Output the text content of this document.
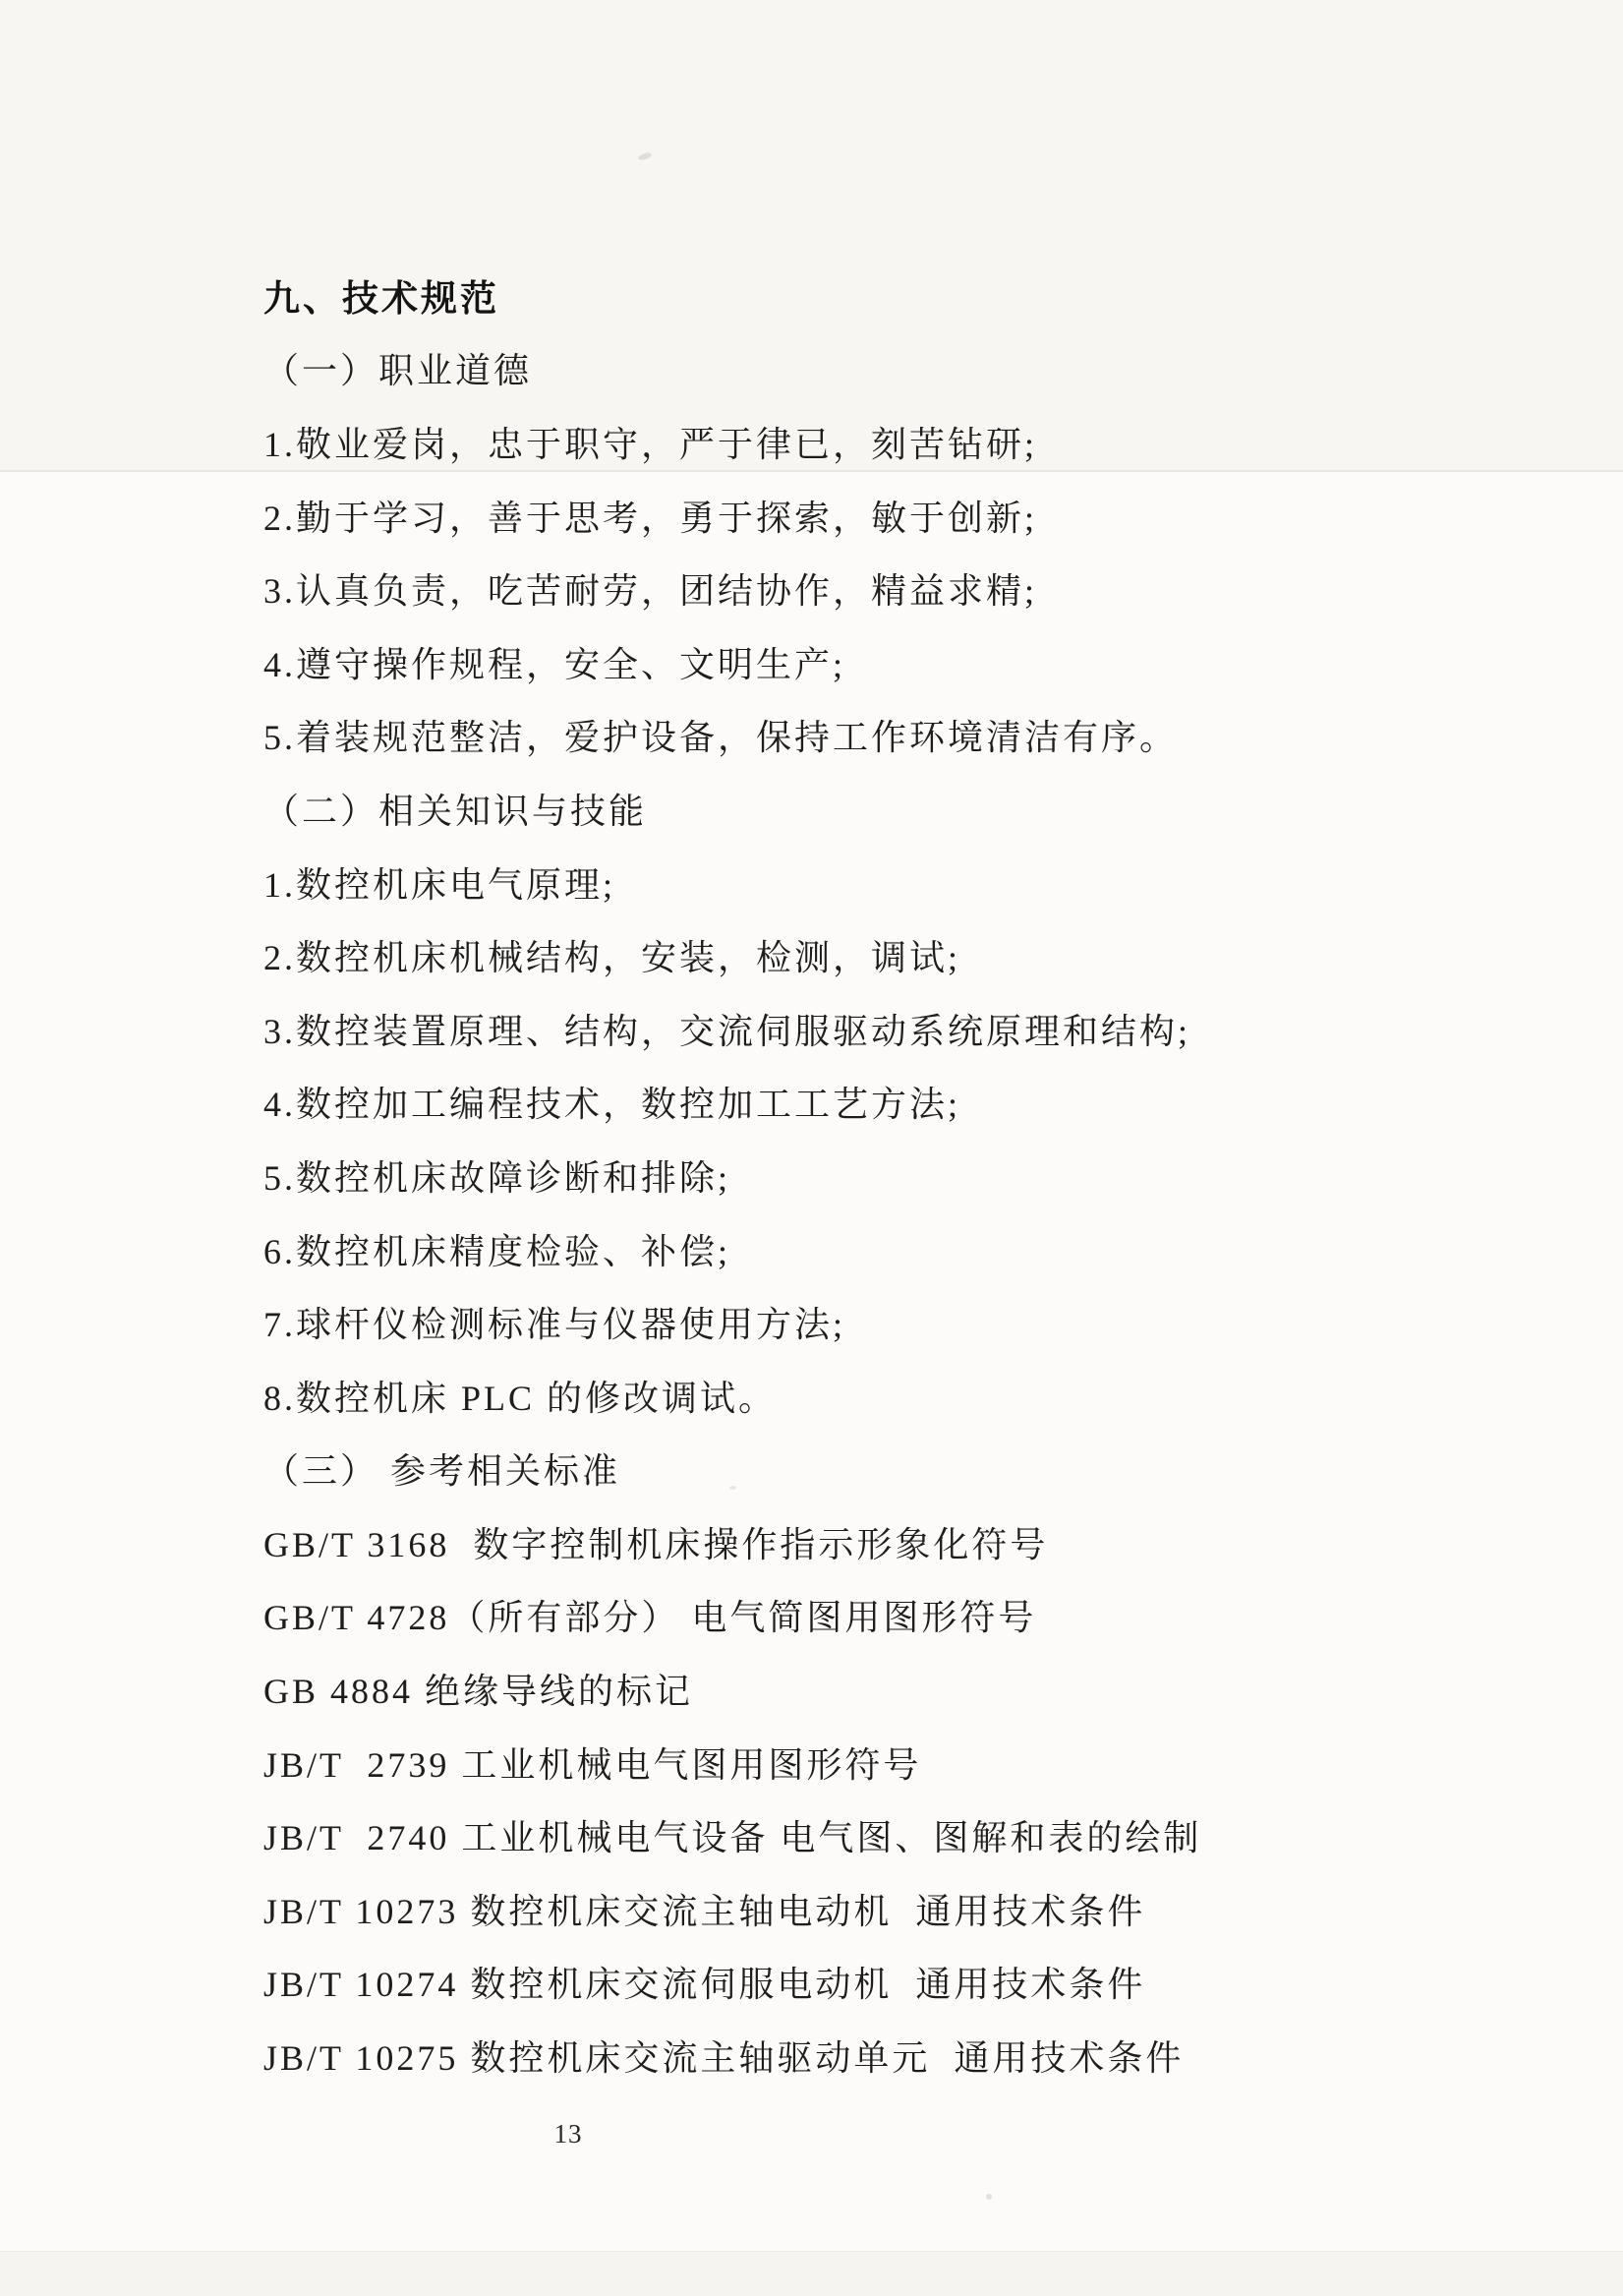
九、技术规范
（一）职业道德
1.敬业爱岗，忠于职守，严于律已，刻苦钻研;
2.勤于学习，善于思考，勇于探索，敏于创新;
3.认真负责，吃苦耐劳，团结协作，精益求精;
4.遵守操作规程，安全、文明生产;
5.着装规范整洁，爱护设备，保持工作环境清洁有序。
（二）相关知识与技能
1.数控机床电气原理;
2.数控机床机械结构，安装，检测，调试;
3.数控装置原理、结构，交流伺服驱动系统原理和结构;
4.数控加工编程技术，数控加工工艺方法;
5.数控机床故障诊断和排除;
6.数控机床精度检验、补偿;
7.球杆仪检测标准与仪器使用方法;
8.数控机床 PLC 的修改调试。
（三） 参考相关标准
GB/T 3168  数字控制机床操作指示形象化符号
GB/T 4728（所有部分） 电气简图用图形符号
GB 4884 绝缘导线的标记
JB/T  2739 工业机械电气图用图形符号
JB/T  2740 工业机械电气设备 电气图、图解和表的绘制
JB/T 10273 数控机床交流主轴电动机  通用技术条件
JB/T 10274 数控机床交流伺服电动机  通用技术条件
JB/T 10275 数控机床交流主轴驱动单元  通用技术条件
13
